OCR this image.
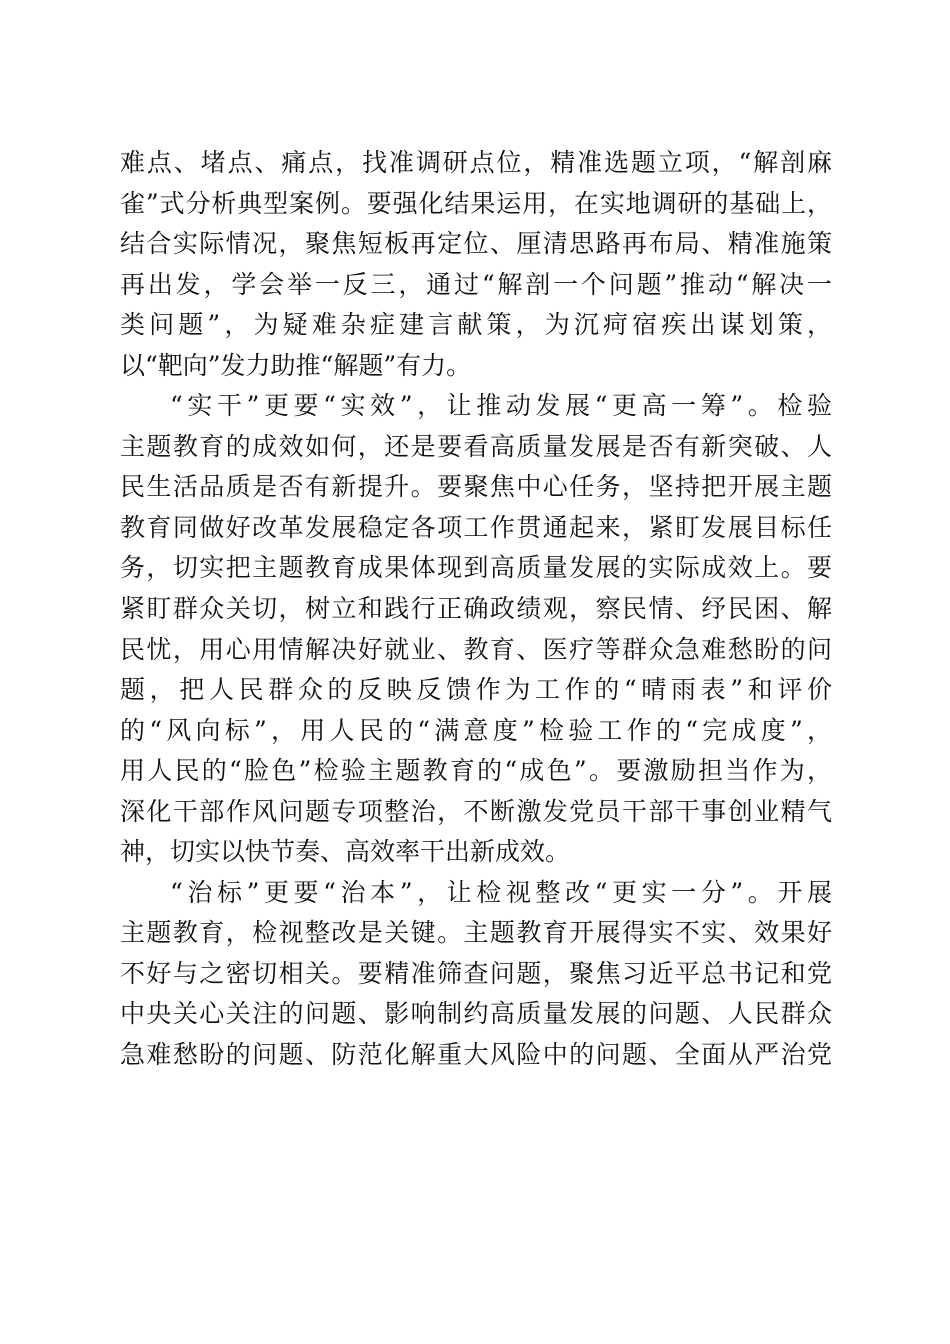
难点、堵点、痛点，找准调研点位，精准选题立项，“解剖麻
雀”式分析典型案例。要强化结果运用，在实地调研的基础上，
结合实际情况，聚焦短板再定位、厘清思路再布局、精准施策
再出发，学会举一反三，通过“解剖一个问题”推动“解决一
类问题”，为疑难杂症建言献策，为沉疴宿疾出谋划策，
以“靶向”发力助推“解题”有力。
“实干”更要“实效”，让推动发展“更高一筹”。检验
主题教育的成效如何，还是要看高质量发展是否有新突破、人
民生活品质是否有新提升。要聚焦中心任务，坚持把开展主题
教育同做好改革发展稳定各项工作贯通起来，紧盯发展目标任
务，切实把主题教育成果体现到高质量发展的实际成效上。要
紧盯群众关切，树立和践行正确政绩观，察民情、纾民困、解
民忧，用心用情解决好就业、教育、医疗等群众急难愁盼的问
题，把人民群众的反映反馈作为工作的“晴雨表”和评价
的“风向标”，用人民的“满意度”检验工作的“完成度”，
用人民的“脸色”检验主题教育的“成色”。要激励担当作为，
深化干部作风问题专项整治，不断激发党员干部干事创业精气
神，切实以快节奏、高效率干出新成效。
“治标”更要“治本”，让检视整改“更实一分”。开展
主题教育，检视整改是关键。主题教育开展得实不实、效果好
不好与之密切相关。要精准筛查问题，聚焦习近平总书记和党
中央关心关注的问题、影响制约高质量发展的问题、人民群众
急难愁盼的问题、防范化解重大风险中的问题、全面从严治党
